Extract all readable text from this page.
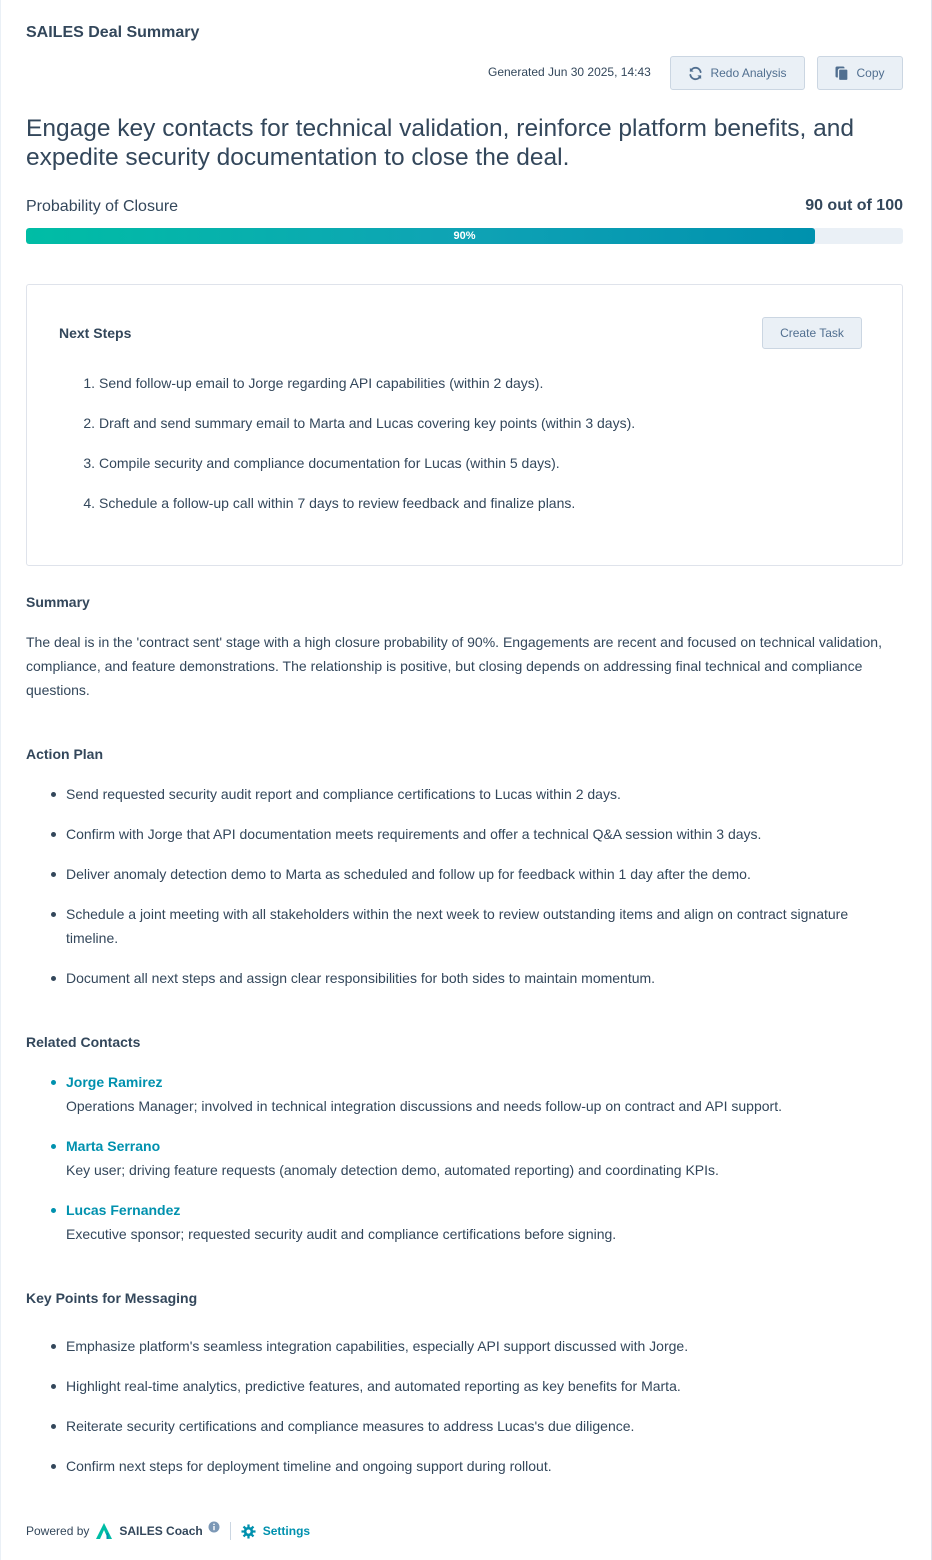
SAILES Deal Summary
Generated Jun 30 2025, 14:43	Redo Analysis	Copy
Engage key contacts for technical validation, reinforce platform benefits, and expedite security documentation to close the deal.
Probability of Closure	90 out of 100
90%
Next Steps	Create Task
1. Send follow-up email to Jorge regarding API capabilities (within 2 days).
2. Draft and send summary email to Marta and Lucas covering key points (within 3 days).
3. Compile security and compliance documentation for Lucas (within 5 days).
4. Schedule a follow-up call within 7 days to review feedback and finalize plans.
Summary
The deal is in the 'contract sent' stage with a high closure probability of 90%. Engagements are recent and focused on technical validation, compliance, and feature demonstrations. The relationship is positive, but closing depends on addressing final technical and compliance questions.
Action Plan
Send requested security audit report and compliance certifications to Lucas within 2 days.
Confirm with Jorge that API documentation meets requirements and offer a technical Q&A session within 3 days.
Deliver anomaly detection demo to Marta as scheduled and follow up for feedback within 1 day after the demo.
Schedule a joint meeting with all stakeholders within the next week to review outstanding items and align on contract signature timeline.
Document all next steps and assign clear responsibilities for both sides to maintain momentum.
Related Contacts
Jorge Ramirez
Operations Manager; involved in technical integration discussions and needs follow-up on contract and API support.
Marta Serrano
Key user; driving feature requests (anomaly detection demo, automated reporting) and coordinating KPIs.
Lucas Fernandez
Executive sponsor; requested security audit and compliance certifications before signing.
Key Points for Messaging
Emphasize platform's seamless integration capabilities, especially API support discussed with Jorge.
Highlight real-time analytics, predictive features, and automated reporting as key benefits for Marta.
Reiterate security certifications and compliance measures to address Lucas's due diligence.
Confirm next steps for deployment timeline and ongoing support during rollout.
Powered by	SAILES Coach	Settings
